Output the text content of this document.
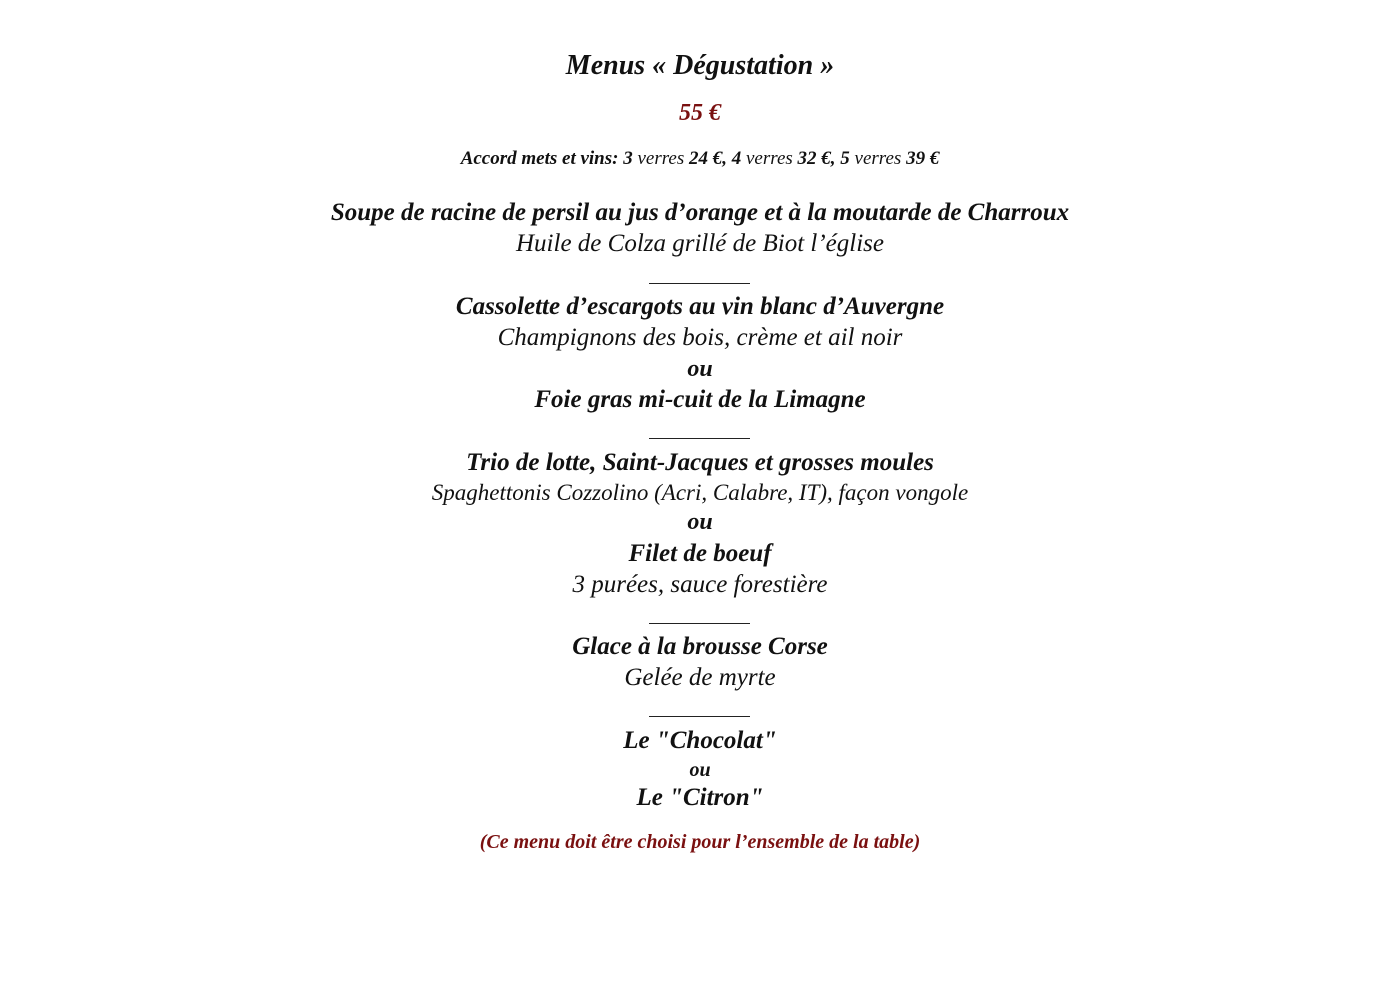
Menus « Dégustation »
55 €
Accord mets et vins: 3 verres 24 €, 4 verres 32 €, 5 verres 39 €
Soupe de racine de persil au jus d’orange et à la moutarde de Charroux
Huile de Colza grillé de Biot l’église
Cassolette d’escargots au vin blanc d’Auvergne
Champignons des bois, crème et ail noir
ou
Foie gras mi-cuit de la Limagne
Trio de lotte, Saint-Jacques et grosses moules
Spaghettonis Cozzolino (Acri, Calabre, IT), façon vongole
ou
Filet de boeuf
3 purées, sauce forestière
Glace à la brousse Corse
Gelée de myrte
Le "Chocolat"
ou
Le "Citron"
(Ce menu doit être choisi pour l’ensemble de la table)
